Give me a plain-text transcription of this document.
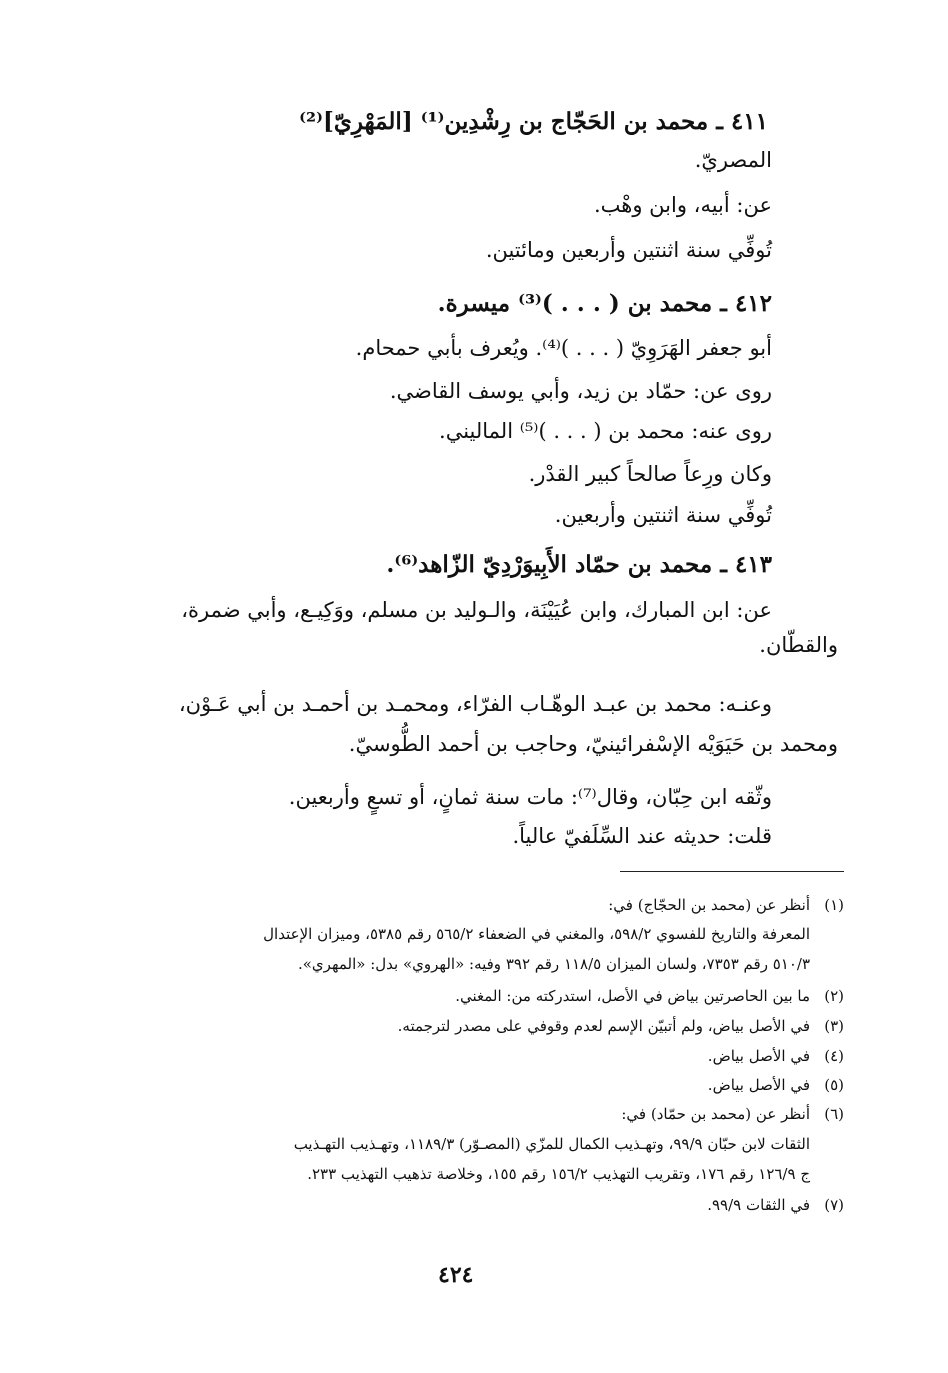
٤١١ ـ محمد بن الحَجّاج بن رِشْدِين⁽¹⁾ [المَهْرِيّ]⁽²⁾

المصريّ.

عن: أبيه، وابن وهْب.

تُوفِّي سنة اثنتين وأربعين ومائتين.

٤١٢ ـ محمد بن ( . . . )⁽³⁾ ميسرة.

أبو جعفر الهَرَوِيّ ( . . . )⁽⁴⁾. ويُعرف بأبي حمحام.

روى عن: حمّاد بن زيد، وأبي يوسف القاضي.

روى عنه: محمد بن ( . . . )⁽⁵⁾ الماليني.

وكان ورِعاً صالحاً كبير القدْر.

تُوفِّي سنة اثنتين وأربعين.

٤١٣ ـ محمد بن حمّاد الأَبِيوَرْدِيّ الزّاهد⁽⁶⁾.

عن: ابن المبارك، وابن عُيَيْنَة، والـوليد بن مسلم، ووَكِيـع، وأبي ضمرة،

والقطّان.

وعنـه: محمد بن عبـد الوهّـاب الفرّاء، ومحمـد بن أحمـد بن أبي عَـوْن،

ومحمد بن حَيَوَيْه الإسْفرائينيّ، وحاجب بن أحمد الطُّوسيّ.

وثّقه ابن حِبّان، وقال⁽⁷⁾: مات سنة ثمانٍ، أو تسعٍ وأربعين.

قلت: حديثه عند السِّلَفيّ عالياً.

(١)أنظر عن (محمد بن الحجّاج) في:

المعرفة والتاريخ للفسوي ٥٩٨/٢، والمغني في الضعفاء ٥٦٥/٢ رقم ٥٣٨٥، وميزان الإعتدال

٥١٠/٣ رقم ٧٣٥٣، ولسان الميزان ١١٨/٥ رقم ٣٩٢ وفيه: «الهروي» بدل: «المهري».

(٢)ما بين الحاصرتين بياض في الأصل، استدركته من: المغني.

(٣)في الأصل بياض، ولم أتبيّن الإسم لعدم وقوفي على مصدر لترجمته.

(٤)في الأصل بياض.

(٥)في الأصل بياض.

(٦)أنظر عن (محمد بن حمّاد) في:

الثقات لابن حبّان ٩٩/٩، وتهـذيب الكمال للمزّي (المصـوّر) ١١٨٩/٣، وتهـذيب التهـذيب

ج ١٢٦/٩ رقم ١٧٦، وتقريب التهذيب ١٥٦/٢ رقم ١٥٥، وخلاصة تذهيب التهذيب ٢٣٣.

(٧)في الثقات ٩٩/٩.

٤٢٤
